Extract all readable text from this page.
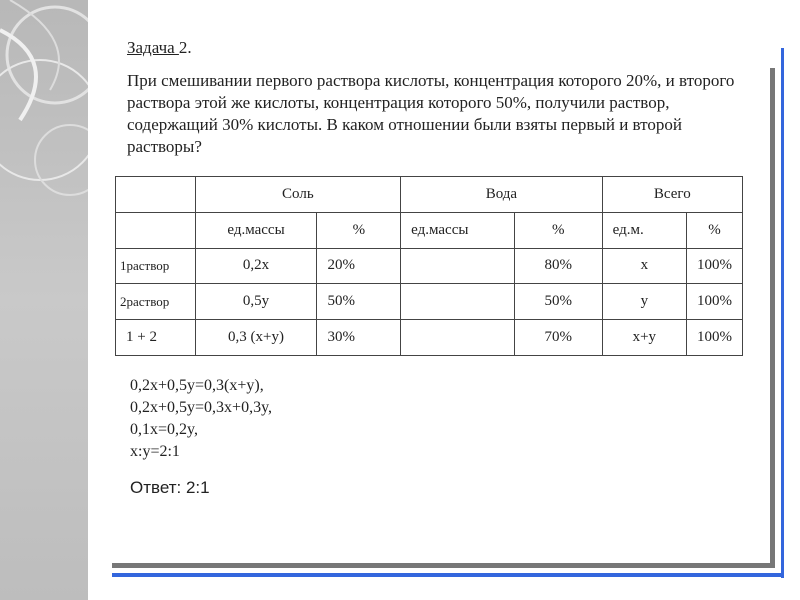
Задача 2.
При смешивании первого раствора кислоты, концентрация которого 20%, и второго раствора этой же кислоты, концентрация которого 50%, получили раствор, содержащий 30% кислоты. В каком отношении были взяты первый и второй растворы?
	Соль		Вода		Всего	
	ед.массы	%	ед.массы	%	ед.м.	%
1раствор	0,2x	20%		80%	x	100%
2раствор	0,5y	50%		50%	y	100%
1 + 2	0,3 (x+y)	30%		70%	x+y	100%
0,2x+0,5y=0,3(x+y),
0,2x+0,5y=0,3x+0,3y,
0,1x=0,2y,
x:y=2:1
Ответ: 2:1
